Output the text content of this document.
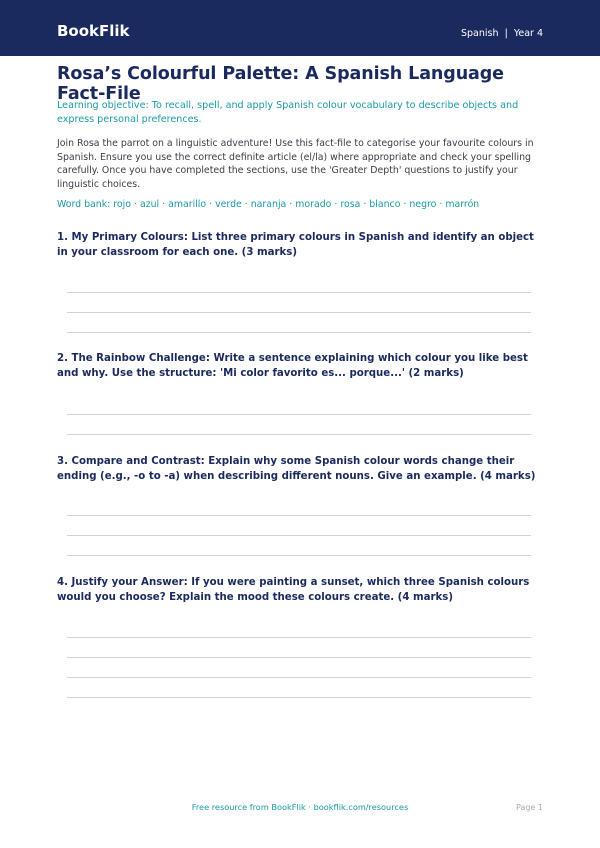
BookFlik	Spanish | Year 4
Rosa’s Colourful Palette: A Spanish Language Fact-File
Learning objective: To recall, spell, and apply Spanish colour vocabulary to describe objects and express personal preferences.
Join Rosa the parrot on a linguistic adventure! Use this fact-file to categorise your favourite colours in Spanish. Ensure you use the correct definite article (el/la) where appropriate and check your spelling carefully. Once you have completed the sections, use the 'Greater Depth' questions to justify your linguistic choices.
Word bank: rojo · azul · amarillo · verde · naranja · morado · rosa · blanco · negro · marrón
1. My Primary Colours: List three primary colours in Spanish and identify an object in your classroom for each one. (3 marks)
2. The Rainbow Challenge: Write a sentence explaining which colour you like best and why. Use the structure: 'Mi color favorito es... porque...' (2 marks)
3. Compare and Contrast: Explain why some Spanish colour words change their ending (e.g., -o to -a) when describing different nouns. Give an example. (4 marks)
4. Justify your Answer: If you were painting a sunset, which three Spanish colours would you choose? Explain the mood these colours create. (4 marks)
Free resource from BookFlik · bookflik.com/resources	Page 1
